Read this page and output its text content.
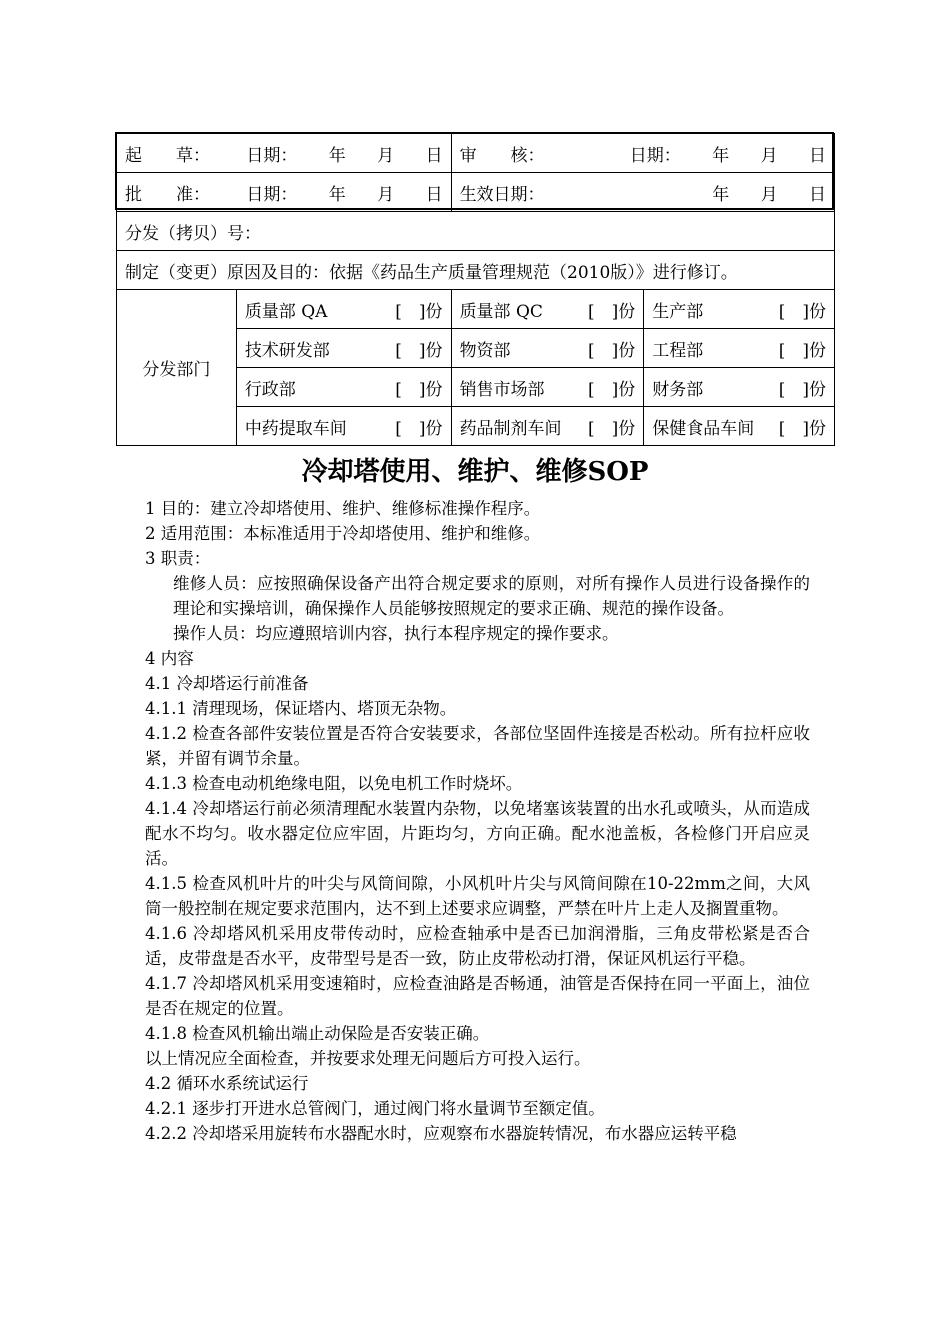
起　　草： 日期： 年 月 日		审　　核： 日期： 年 月 日	

批　　准： 日期： 年 月 日		生效日期： 年 月 日	

分发（拷贝）号：			
制定（变更）原因及目的：依据《药品生产质量管理规范（2010版）》进行修订。			
分发部门	质量部 QA [　]份	质量部 QC [　]份	生产部 [　]份

	技术研发部 [　]份	物资部 [　]份	工程部 [　]份

	行政部 [　]份	销售市场部 [　]份	财务部 [　]份

	中药提取车间 [　]份	药品制剂车间 [　]份	保健食品车间 [　]份
冷却塔使用、维护、维修SOP

1 目的：建立冷却塔使用、维护、维修标准操作程序。

2 适用范围：本标准适用于冷却塔使用、维护和维修。

3 职责：

维修人员：应按照确保设备产出符合规定要求的原则，对所有操作人员进行设备操作的理论和实操培训，确保操作人员能够按照规定的要求正确、规范的操作设备。

操作人员：均应遵照培训内容，执行本程序规定的操作要求。

4 内容

4.1 冷却塔运行前准备

4.1.1 清理现场，保证塔内、塔顶无杂物。

4.1.2 检查各部件安装位置是否符合安装要求，各部位坚固件连接是否松动。所有拉杆应收紧，并留有调节余量。

4.1.3 检查电动机绝缘电阻，以免电机工作时烧坏。

4.1.4 冷却塔运行前必须清理配水装置内杂物，以免堵塞该装置的出水孔或喷头，从而造成配水不均匀。收水器定位应牢固，片距均匀，方向正确。配水池盖板，各检修门开启应灵活。

4.1.5 检查风机叶片的叶尖与风筒间隙，小风机叶片尖与风筒间隙在10-22mm之间，大风筒一般控制在规定要求范围内，达不到上述要求应调整，严禁在叶片上走人及搁置重物。

4.1.6 冷却塔风机采用皮带传动时，应检查轴承中是否已加润滑脂，三角皮带松紧是否合适，皮带盘是否水平，皮带型号是否一致，防止皮带松动打滑，保证风机运行平稳。

4.1.7 冷却塔风机采用变速箱时，应检查油路是否畅通，油管是否保持在同一平面上，油位是否在规定的位置。

4.1.8 检查风机输出端止动保险是否安装正确。

以上情况应全面检查，并按要求处理无问题后方可投入运行。

4.2 循环水系统试运行

4.2.1 逐步打开进水总管阀门，通过阀门将水量调节至额定值。

4.2.2 冷却塔采用旋转布水器配水时，应观察布水器旋转情况，布水器应运转平稳
